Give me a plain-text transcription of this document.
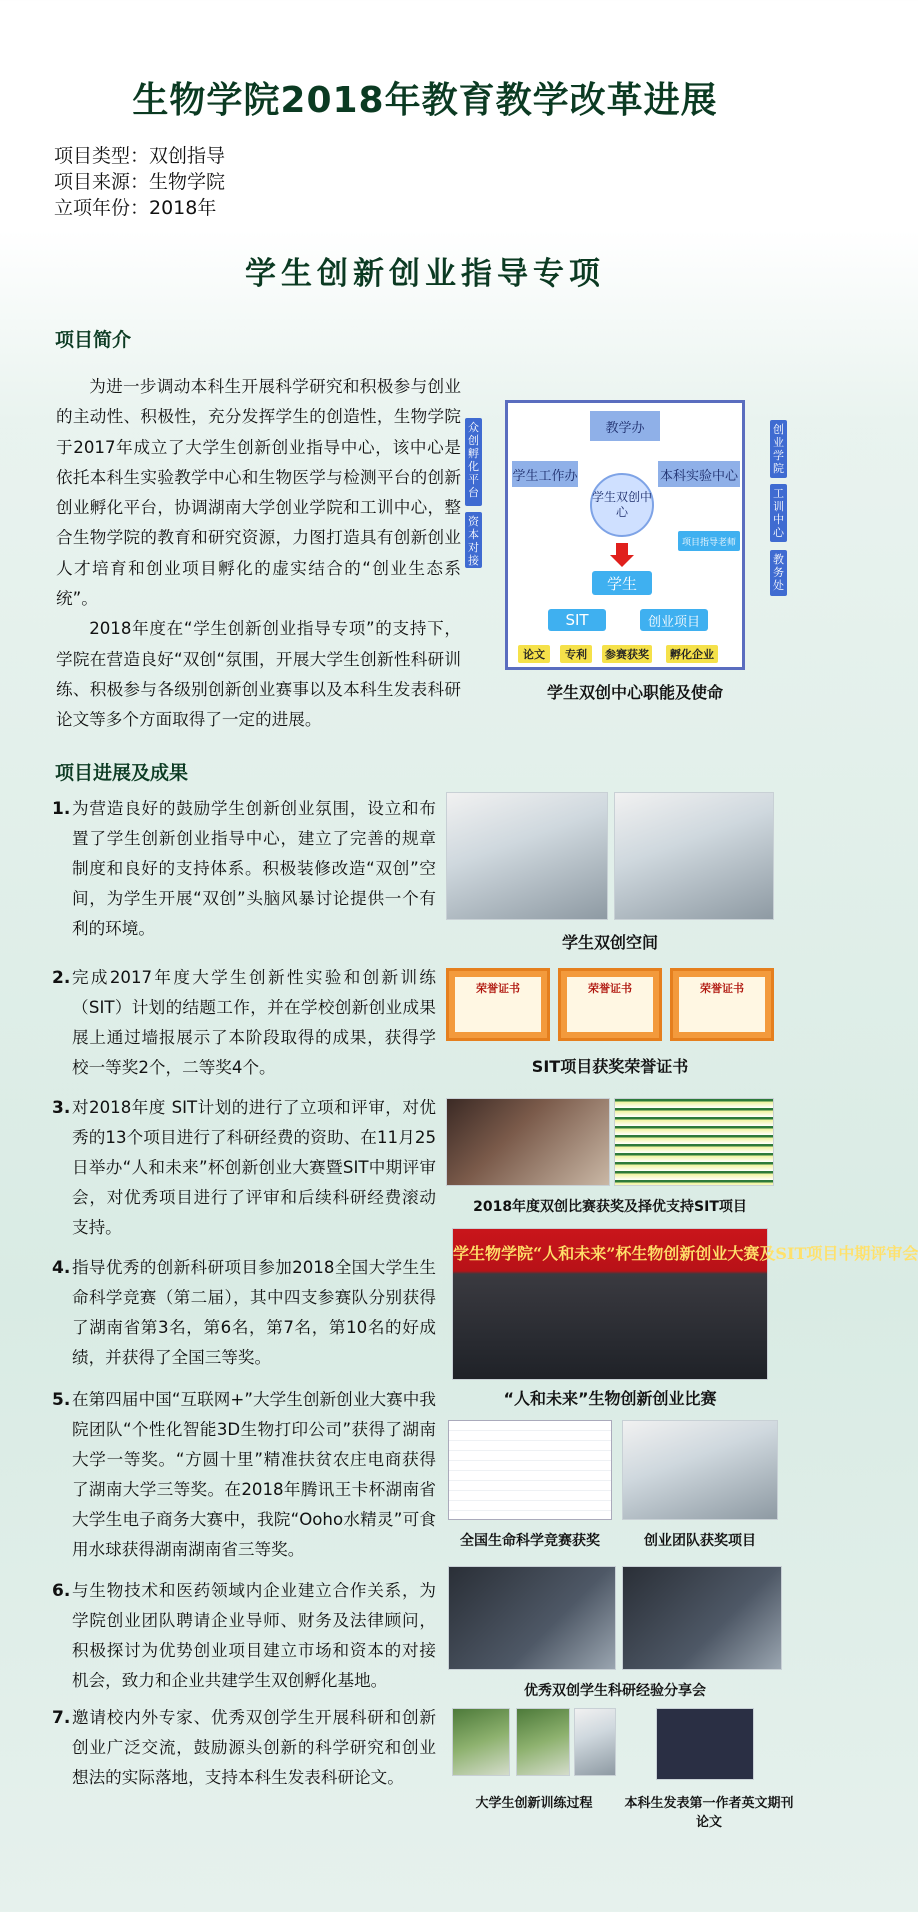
生物学院2018年教育教学改革进展
项目类型：双创指导
项目来源：生物学院
立项年份：2018年
学生创新创业指导专项
项目简介

为进一步调动本科生开展科学研究和积极参与创业的主动性、积极性，充分发挥学生的创造性，生物学院于2017年成立了大学生创新创业指导中心，该中心是依托本科生实验教学中心和生物医学与检测平台的创新创业孵化平台，协调湖南大学创业学院和工训中心，整合生物学院的教育和研究资源，力图打造具有创新创业人才培育和创业项目孵化的虚实结合的“创业生态系统”。

2018年度在“学生创新创业指导专项”的支持下，学院在营造良好“双创“氛围，开展大学生创新性科研训练、积极参与各级别创新创业赛事以及本科生发表科研论文等多个方面取得了一定的进展。

众创孵化平台
资本对接
创业学院
工训中心
教务处
教学办
学生工作办	本科实验中心
学生双创中心
项目指导老师
学生
SIT	创业项目
论文	专利	参赛获奖	孵化企业
学生双创中心职能及使命
项目进展及成果
1. 为营造良好的鼓励学生创新创业氛围，设立和布置了学生创新创业指导中心，建立了完善的规章制度和良好的支持体系。积极装修改造“双创”空间，为学生开展“双创”头脑风暴讨论提供一个有利的环境。
2. 完成2017年度大学生创新性实验和创新训练（SIT）计划的结题工作，并在学校创新创业成果展上通过墙报展示了本阶段取得的成果，获得学校一等奖2个，二等奖4个。
3. 对2018年度 SIT计划的进行了立项和评审，对优秀的13个项目进行了科研经费的资助、在11月25日举办“人和未来”杯创新创业大赛暨SIT中期评审会，对优秀项目进行了评审和后续科研经费滚动支持。
4. 指导优秀的创新科研项目参加2018全国大学生生命科学竞赛（第二届），其中四支参赛队分别获得了湖南省第3名，第6名，第7名，第10名的好成绩，并获得了全国三等奖。
5. 在第四届中国“互联网+”大学生创新创业大赛中我院团队“个性化智能3D生物打印公司”获得了湖南大学一等奖。“方圆十里”精准扶贫农庄电商获得了湖南大学三等奖。在2018年腾讯王卡杯湖南省大学生电子商务大赛中，我院“Ooho水精灵”可食用水球获得湖南湖南省三等奖。
6. 与生物技术和医药领域内企业建立合作关系，为学院创业团队聘请企业导师、财务及法律顾问，积极探讨为优势创业项目建立市场和资本的对接机会，致力和企业共建学生双创孵化基地。
7. 邀请校内外专家、优秀双创学生开展科研和创新创业广泛交流，鼓励源头创新的科学研究和创业想法的实际落地，支持本科生发表科研论文。
学生双创空间
荣誉证书	荣誉证书	荣誉证书
SIT项目获奖荣誉证书
2018年度双创比赛获奖及择优支持SIT项目
学生物学院“人和未来”杯生物创新创业大赛及SIT项目中期评审会
“人和未来”生物创新创业比赛
全国生命科学竞赛获奖	创业团队获奖项目
优秀双创学生科研经验分享会
大学生创新训练过程	本科生发表第一作者英文期刊论文
